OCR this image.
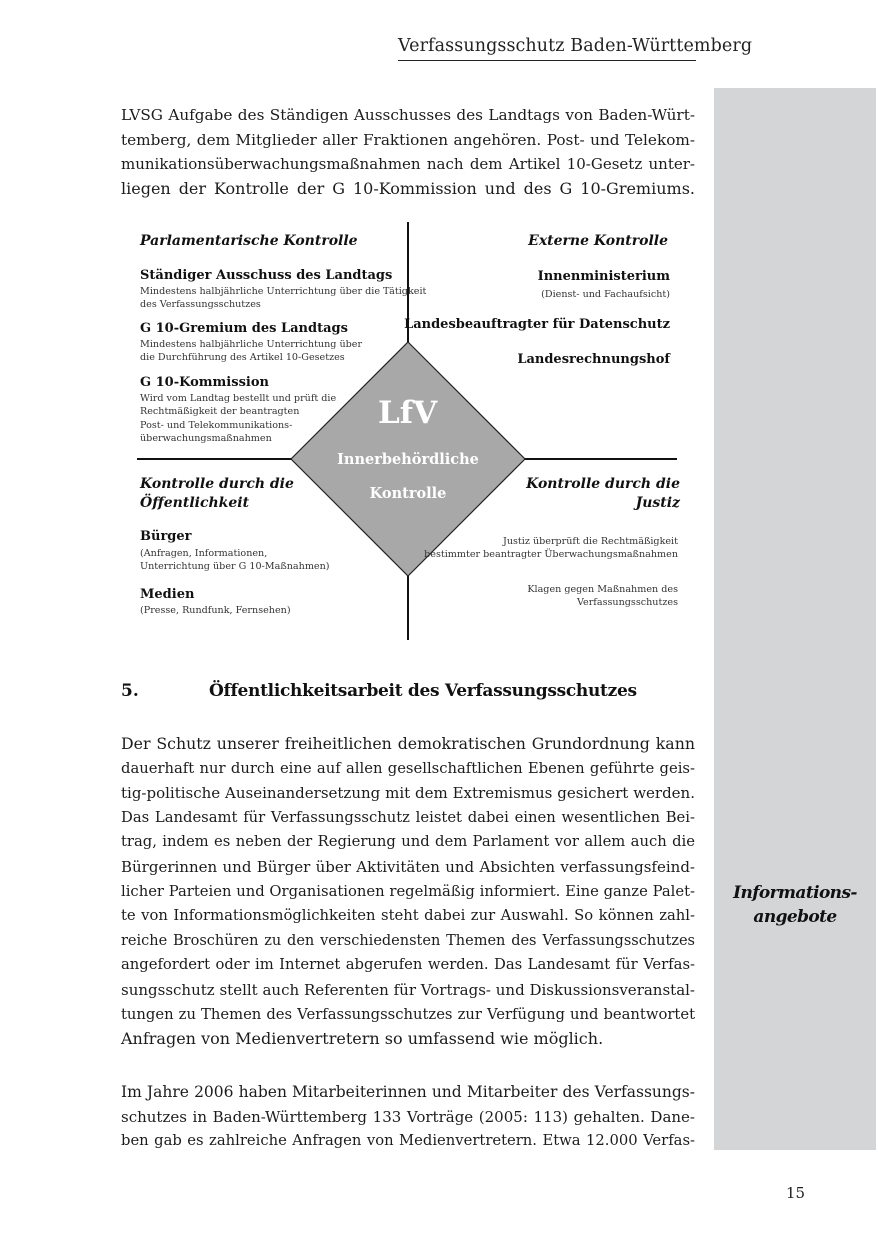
Verfassungsschutz Baden-Württemberg
Informations-
angebote
LVSG Aufgabe des Ständigen Ausschusses des Landtags von Baden-Würt-
temberg, dem Mitglieder aller Fraktionen angehören. Post- und Telekom-
munikationsüberwachungsmaßnahmen nach dem Artikel 10-Gesetz unter-
liegen der Kontrolle der G 10-Kommission und des G 10-Gremiums.
LfV
Innerbehördliche
Kontrolle
Parlamentarische Kontrolle
Ständiger Ausschuss des Landtags
Mindestens halbjährliche Unterrichtung über die Tätigkeit
des Verfassungsschutzes
G 10-Gremium des Landtags
Mindestens halbjährliche Unterrichtung über
die Durchführung des Artikel 10-Gesetzes
G 10-Kommission
Wird vom Landtag bestellt und prüft die
Rechtmäßigkeit der beantragten
Post- und Telekommunikations-
überwachungsmaßnahmen
Externe Kontrolle
Innenministerium
(Dienst- und Fachaufsicht)
Landesbeauftragter für Datenschutz
Landesrechnungshof
Kontrolle durch die
Öffentlichkeit
Bürger
(Anfragen, Informationen,
Unterrichtung über G 10-Maßnahmen)
Medien
(Presse, Rundfunk, Fernsehen)
Kontrolle durch die
Justiz
Justiz überprüft die Rechtmäßigkeit
bestimmter beantragter Überwachungsmaßnahmen
Klagen gegen Maßnahmen des
Verfassungsschutzes
5.	Öffentlichkeitsarbeit des Verfassungsschutzes
Der Schutz unserer freiheitlichen demokratischen Grundordnung kann
dauerhaft nur durch eine auf allen gesellschaftlichen Ebenen geführte geis-
tig-politische Auseinandersetzung mit dem Extremismus gesichert werden.
Das Landesamt für Verfassungsschutz leistet dabei einen wesentlichen Bei-
trag, indem es neben der Regierung und dem Parlament vor allem auch die
Bürgerinnen und Bürger über Aktivitäten und Absichten verfassungsfeind-
licher Parteien und Organisationen regelmäßig informiert. Eine ganze Palet-
te von Informationsmöglichkeiten steht dabei zur Auswahl. So können zahl-
reiche Broschüren zu den verschiedensten Themen des Verfassungsschutzes
angefordert oder im Internet abgerufen werden. Das Landesamt für Verfas-
sungsschutz stellt auch Referenten für Vortrags- und Diskussionsveranstal-
tungen zu Themen des Verfassungsschutzes zur Verfügung und beantwortet
Anfragen von Medienvertretern so umfassend wie möglich.
Im Jahre 2006 haben Mitarbeiterinnen und Mitarbeiter des Verfassungs-
schutzes in Baden-Württemberg 133 Vorträge (2005: 113) gehalten. Dane-
ben gab es zahlreiche Anfragen von Medienvertretern. Etwa 12.000 Verfas-
15
